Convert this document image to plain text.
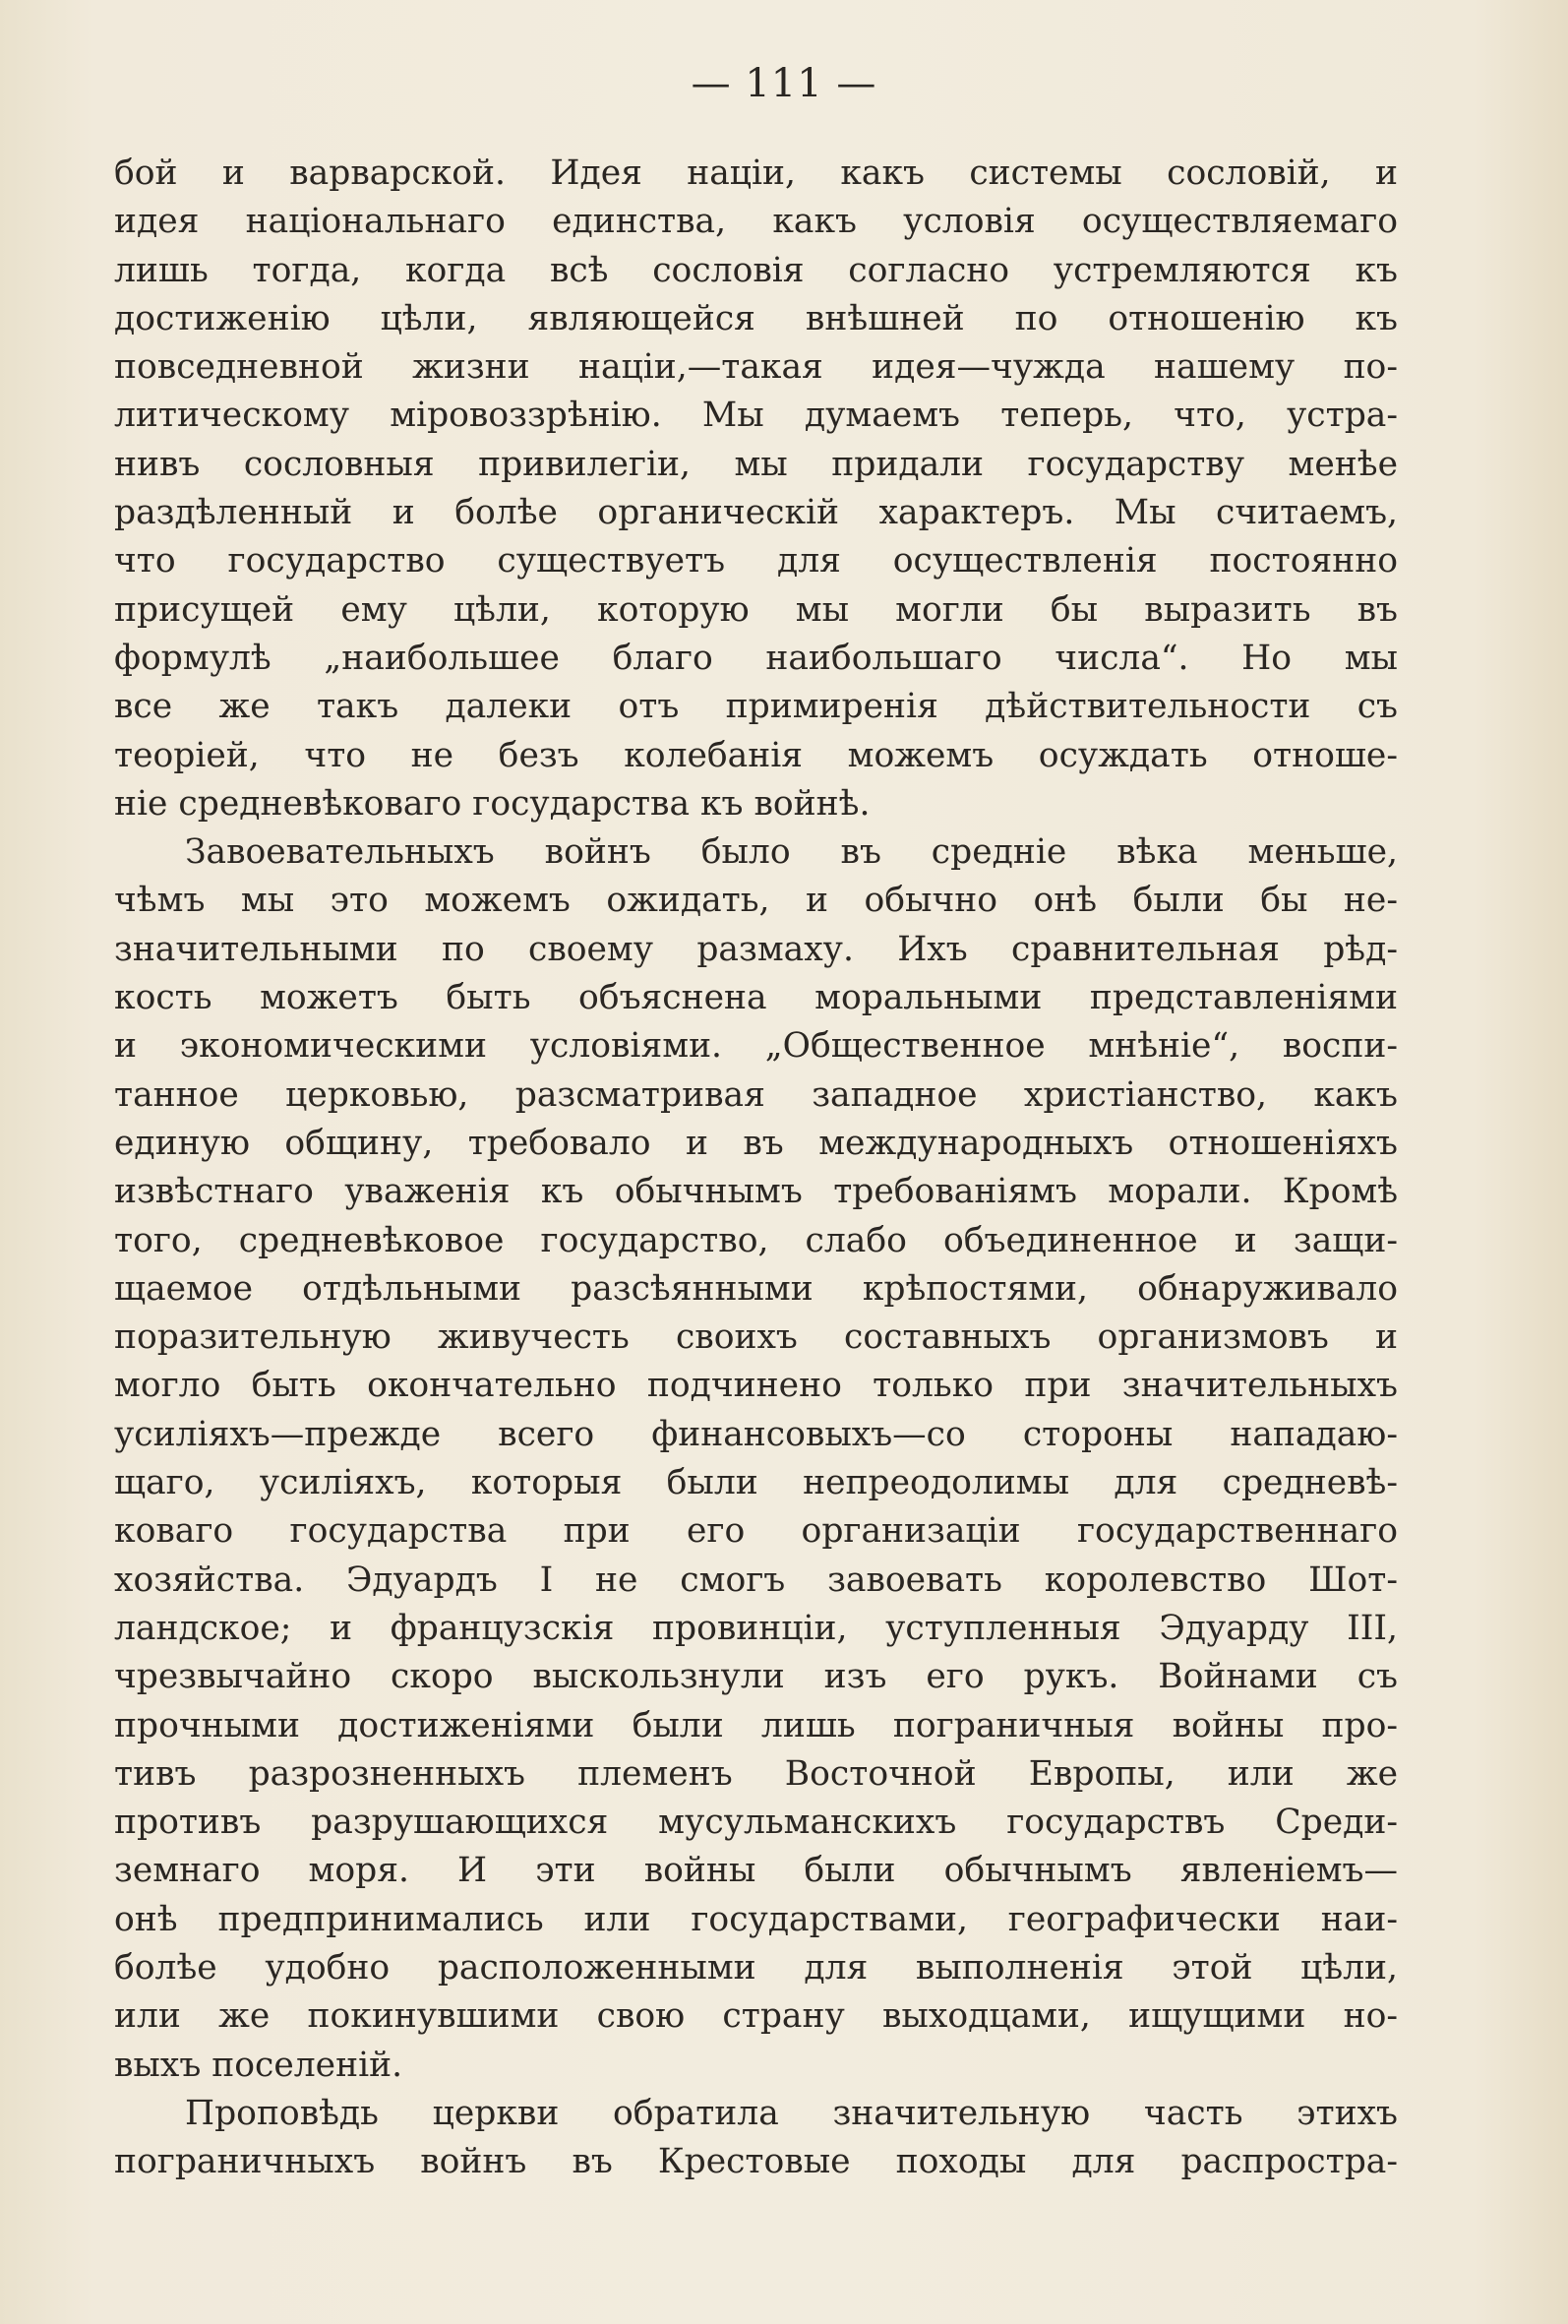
— 111 —
бой и варварской. Идея націи, какъ системы сословій, и
идея національнаго единства, какъ условія осуществляемаго
лишь тогда, когда всѣ сословія согласно устремляются къ
достиженію цѣли, являющейся внѣшней по отношенію къ
повседневной жизни націи,—такая идея—чужда нашему по-
литическому міровоззрѣнію. Мы думаемъ теперь, что, устра-
нивъ сословныя привилегіи, мы придали государству менѣе
раздѣленный и болѣе органическій характеръ. Мы считаемъ,
что государство существуетъ для осуществленія постоянно
присущей ему цѣли, которую мы могли бы выразить въ
формулѣ „наибольшее благо наибольшаго числа“. Но мы
все же такъ далеки отъ примиренія дѣйствительности съ
теоріей, что не безъ колебанія можемъ осуждать отноше-
ніе средневѣковаго государства къ войнѣ.
Завоевательныхъ войнъ было въ средніе вѣка меньше,
чѣмъ мы это можемъ ожидать, и обычно онѣ были бы не-
значительными по своему размаху. Ихъ сравнительная рѣд-
кость можетъ быть объяснена моральными представленіями
и экономическими условіями. „Общественное мнѣніе“, воспи-
танное церковью, разсматривая западное христіанство, какъ
единую общину, требовало и въ международныхъ отношеніяхъ
извѣстнаго уваженія къ обычнымъ требованіямъ морали. Кромѣ
того, средневѣковое государство, слабо объединенное и защи-
щаемое отдѣльными разсѣянными крѣпостями, обнаруживало
поразительную живучесть своихъ составныхъ организмовъ и
могло быть окончательно подчинено только при значительныхъ
усиліяхъ—прежде всего финансовыхъ—со стороны нападаю-
щаго, усиліяхъ, которыя были непреодолимы для средневѣ-
коваго государства при его организаціи государственнаго
хозяйства. Эдуардъ I не смогъ завоевать королевство Шот-
ландское; и французскія провинціи, уступленныя Эдуарду III,
чрезвычайно скоро выскользнули изъ его рукъ. Войнами съ
прочными достиженіями были лишь пограничныя войны про-
тивъ разрозненныхъ племенъ Восточной Европы, или же
противъ разрушающихся мусульманскихъ государствъ Среди-
земнаго моря. И эти войны были обычнымъ явленіемъ—
онѣ предпринимались или государствами, географически наи-
болѣе удобно расположенными для выполненія этой цѣли,
или же покинувшими свою страну выходцами, ищущими но-
выхъ поселеній.
Проповѣдь церкви обратила значительную часть этихъ
пограничныхъ войнъ въ Крестовые походы для распростра-
